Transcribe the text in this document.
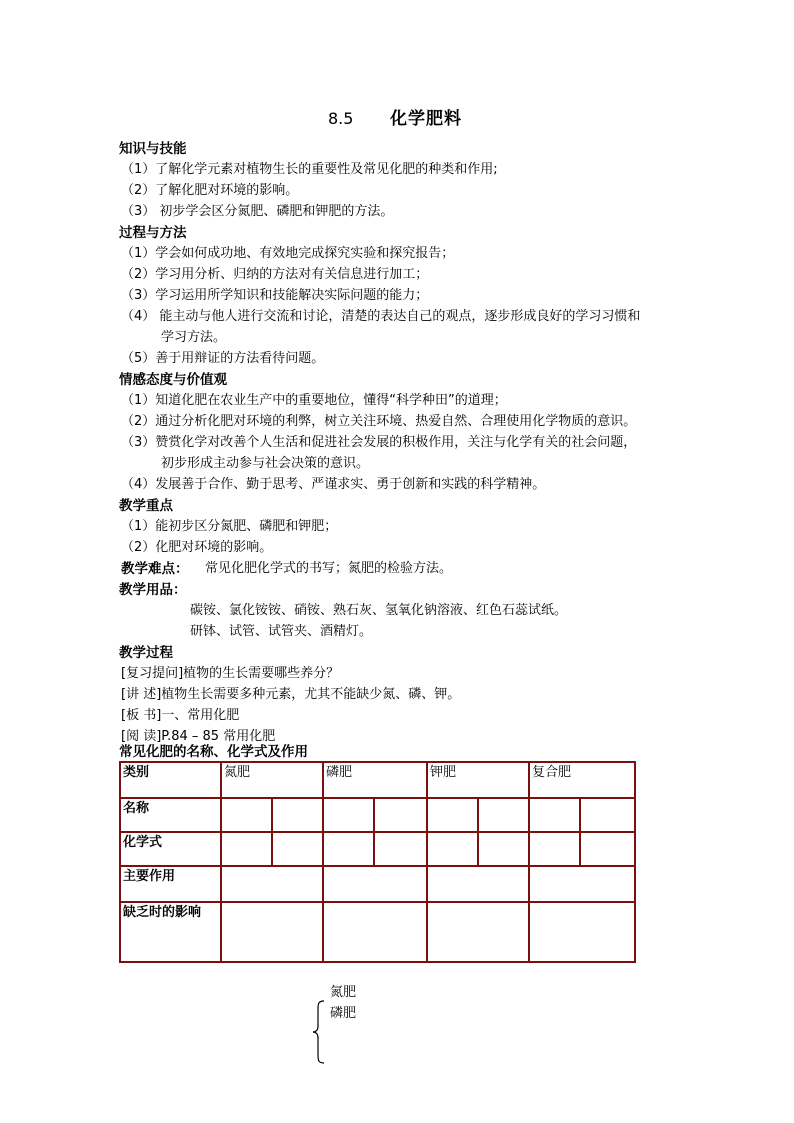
8.5 化学肥料
知识与技能
（1）了解化学元素对植物生长的重要性及常见化肥的种类和作用;
（2）了解化肥对环境的影响。
（3） 初步学会区分氮肥、磷肥和钾肥的方法。
过程与方法
（1）学会如何成功地、有效地完成探究实验和探究报告；
（2）学习用分析、归纳的方法对有关信息进行加工；
（3）学习运用所学知识和技能解决实际问题的能力；
（4） 能主动与他人进行交流和讨论，清楚的表达自己的观点，逐步形成良好的学习习惯和
学习方法。
（5）善于用辩证的方法看待问题。
情感态度与价值观
（1）知道化肥在农业生产中的重要地位，懂得“科学种田”的道理；
（2）通过分析化肥对环境的利弊，树立关注环境、热爱自然、合理使用化学物质的意识。
（3）赞赏化学对改善个人生活和促进社会发展的积极作用，关注与化学有关的社会问题，
初步形成主动参与社会决策的意识。
（4）发展善于合作、勤于思考、严谨求实、勇于创新和实践的科学精神。
教学重点
（1）能初步区分氮肥、磷肥和钾肥；
（2）化肥对环境的影响。
教学难点： 常见化肥化学式的书写；氮肥的检验方法。
教学用品：
碳铵、氯化铵铵、硝铵、熟石灰、氢氧化钠溶液、红色石蕊试纸。
研钵、试管、试管夹、酒精灯。
教学过程
[复习提问]植物的生长需要哪些养分？
[讲 述]植物生长需要多种元素，尤其不能缺少氮、磷、钾。
[板 书]一、常用化肥
[阅 读]P.84 – 85 常用化肥
常见化肥的名称、化学式及作用
类别	氮肥		磷肥		钾肥		复合肥	
名称								
化学式								
主要作用								
缺乏时的影响								
氮肥
磷肥
